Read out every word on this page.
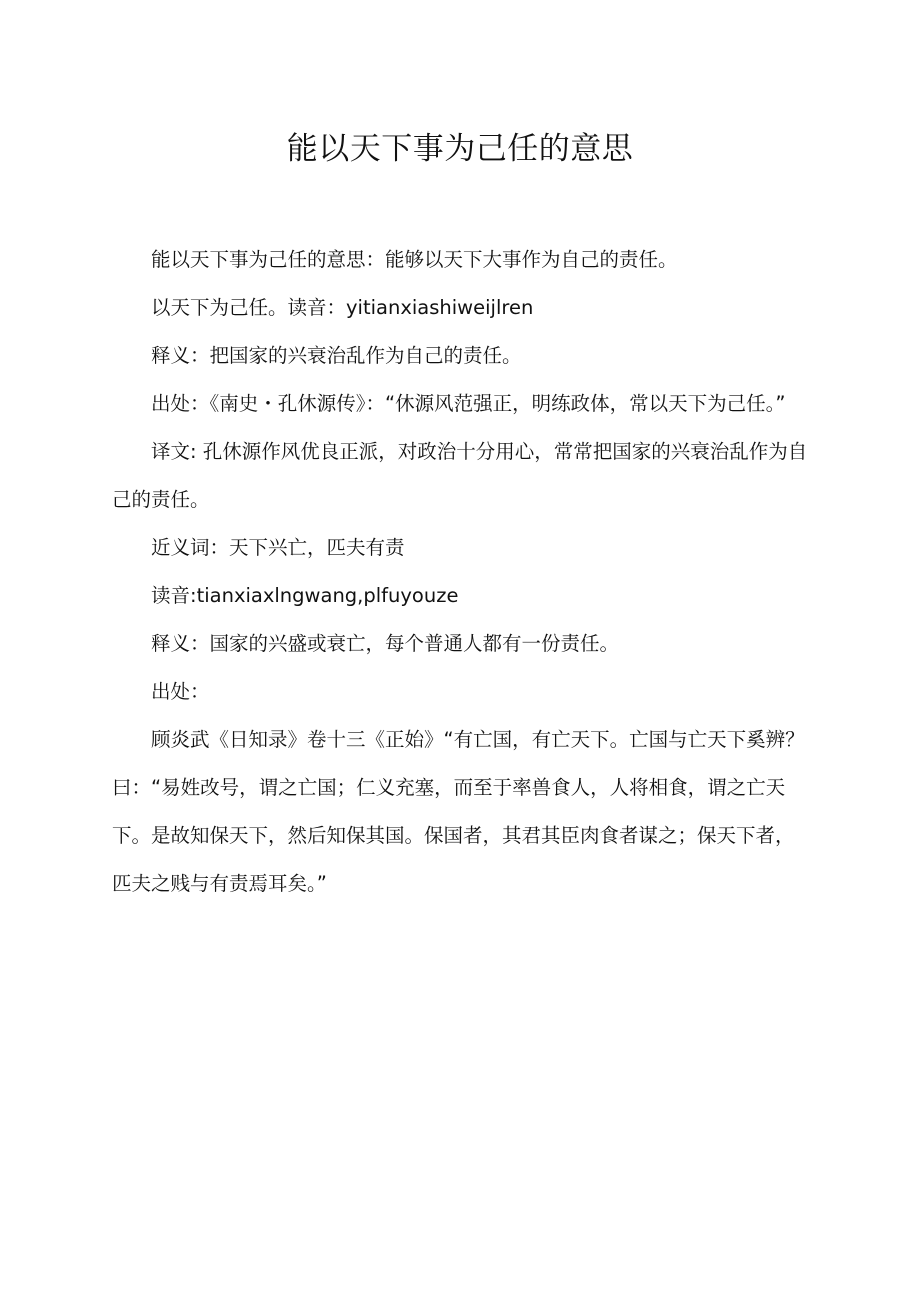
能以天下事为己任的意思

能以天下事为己任的意思：能够以天下大事作为自己的责任。

以天下为己任。读音：yitianxiashiweijlren

释义：把国家的兴衰治乱作为自己的责任。

出处：《南史・孔休源传》：“休源风范强正，明练政体，常以天下为己任。”

译文: 孔休源作风优良正派，对政治十分用心，常常把国家的兴衰治乱作为自己的责任。

近义词：天下兴亡，匹夫有责

读音:tianxiaxlngwang,plfuyouze

释义：国家的兴盛或衰亡，每个普通人都有一份责任。

出处：

顾炎武《日知录》卷十三《正始》“有亡国，有亡天下。亡国与亡天下奚辨？曰：“易姓改号，谓之亡国；仁义充塞，而至于率兽食人，人将相食，谓之亡天下。是故知保天下，然后知保其国。保国者，其君其臣肉食者谋之；保天下者，匹夫之贱与有责焉耳矣。”
